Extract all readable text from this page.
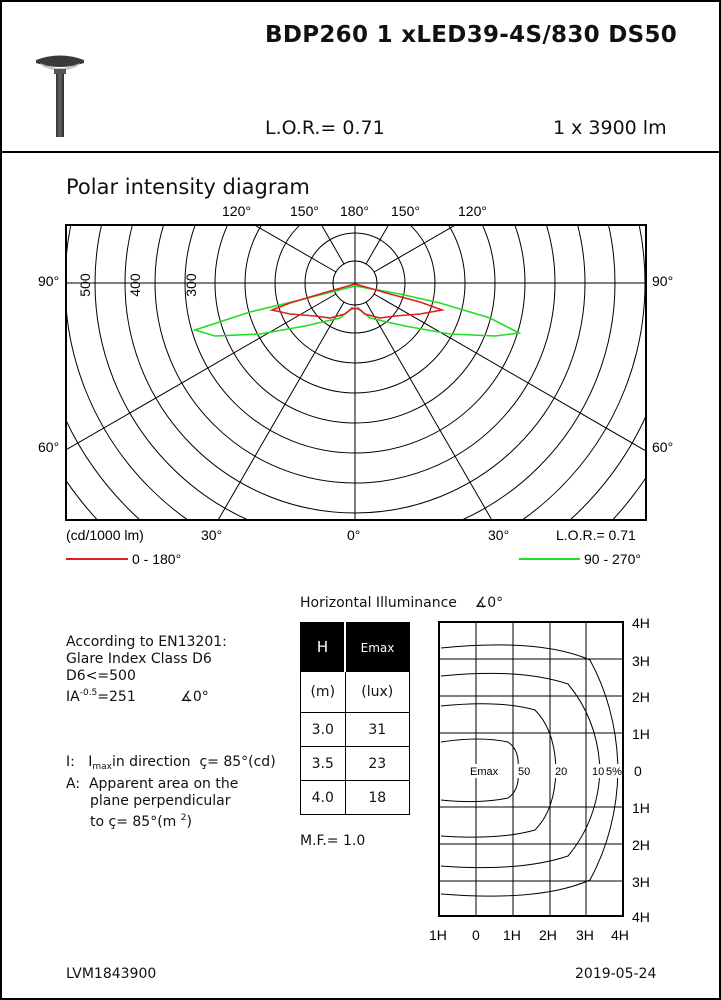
BDP260 1 xLED39-4S/830 DS50
L.O.R.= 0.71	1 x 3900 lm
Polar intensity diagram
120°	150° 180° 150°	120°
90°	90°
60°	60°
500 400	300
30°	0°	30°
(cd/1000 lm)	L.O.R.= 0.71
0 - 180°	90 - 270°
According to EN13201:
Glare Index Class D6
D6<=500
$IA^{-0.5}=251$	∡0°
I: $I_{max}in$ direction ç= 85°(cd)
A: Apparent area on the
plane perpendicular
to ç= 85°(m $^2$)
Horizontal Illuminance ∡0°
H	Emax
(m)	(lux)
3.0	31
3.5	23
4.0	18
M.F.= 1.0
Emax 50 20 10 5%
4H
3H
2H
1H
0
1H
2H
3H
4H
1H 0 1H 2H 3H 4H
LVM1843900	2019-05-24
